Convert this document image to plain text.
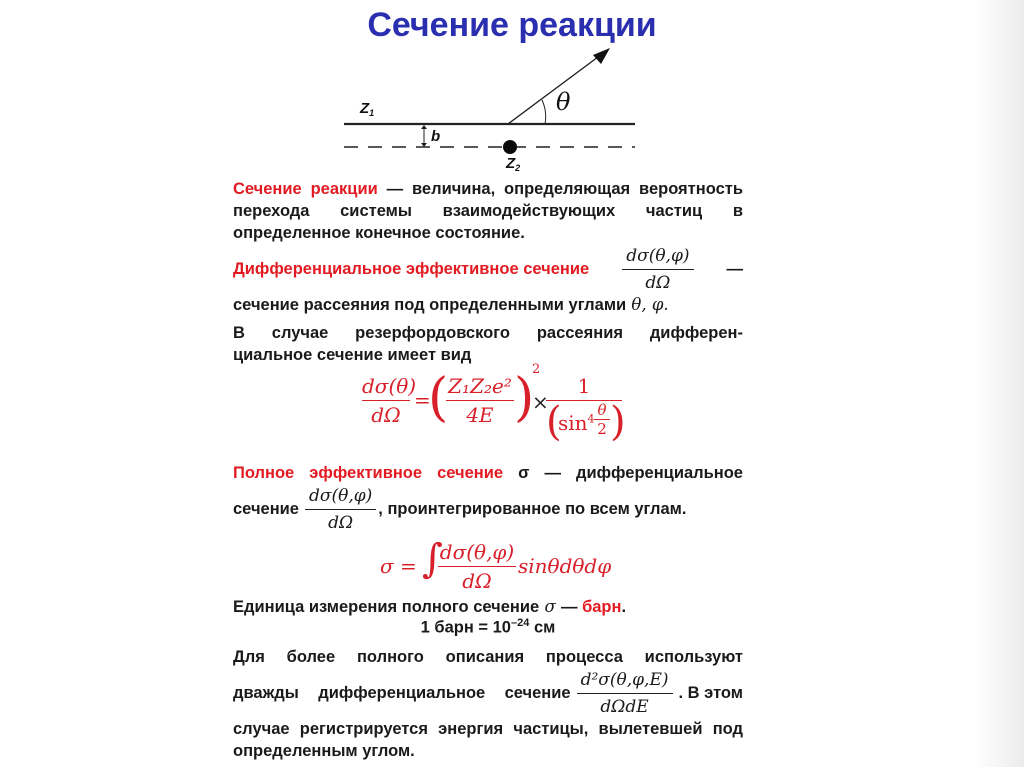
Сечение реакции
$Z_1$
b
$Z_2$
θ
Сечение реакции — величина, определяющая вероятность
перехода системы взаимодействующих частиц в
определенное конечное состояние.
Дифференциальное эффективное сечение $\frac{d\sigma(\theta,\varphi)}{d\Omega}$ —
сечение рассеяния под определенными углами θ, φ.
В случае резерфордовского рассеяния дифферен-
циальное сечение имеет вид
dσ(θ)
dΩ
=
( Z₁Z₂e²
4E )
2
×
1
(
$\sin^4 \theta$
2 )
Полное эффективное сечение σ — дифференциальное
сечение $\frac{d\sigma(\theta,\varphi)}{d\Omega}$ , проинтегрированное по всем углам.
σ = ∫
dσ(θ,φ)
dΩ
sinθdθdφ
Единица измерения полного сечение σ — барн.
1 барн = $10^{-24}$ см
Для более полного описания процесса используют
дважды дифференциальное сечение $\frac{\text{d²σ(θ,φ,E)}}{\text{dΩdE}}$ . В этом
случае регистрируется энергия частицы, вылетевшей под
определенным углом.
